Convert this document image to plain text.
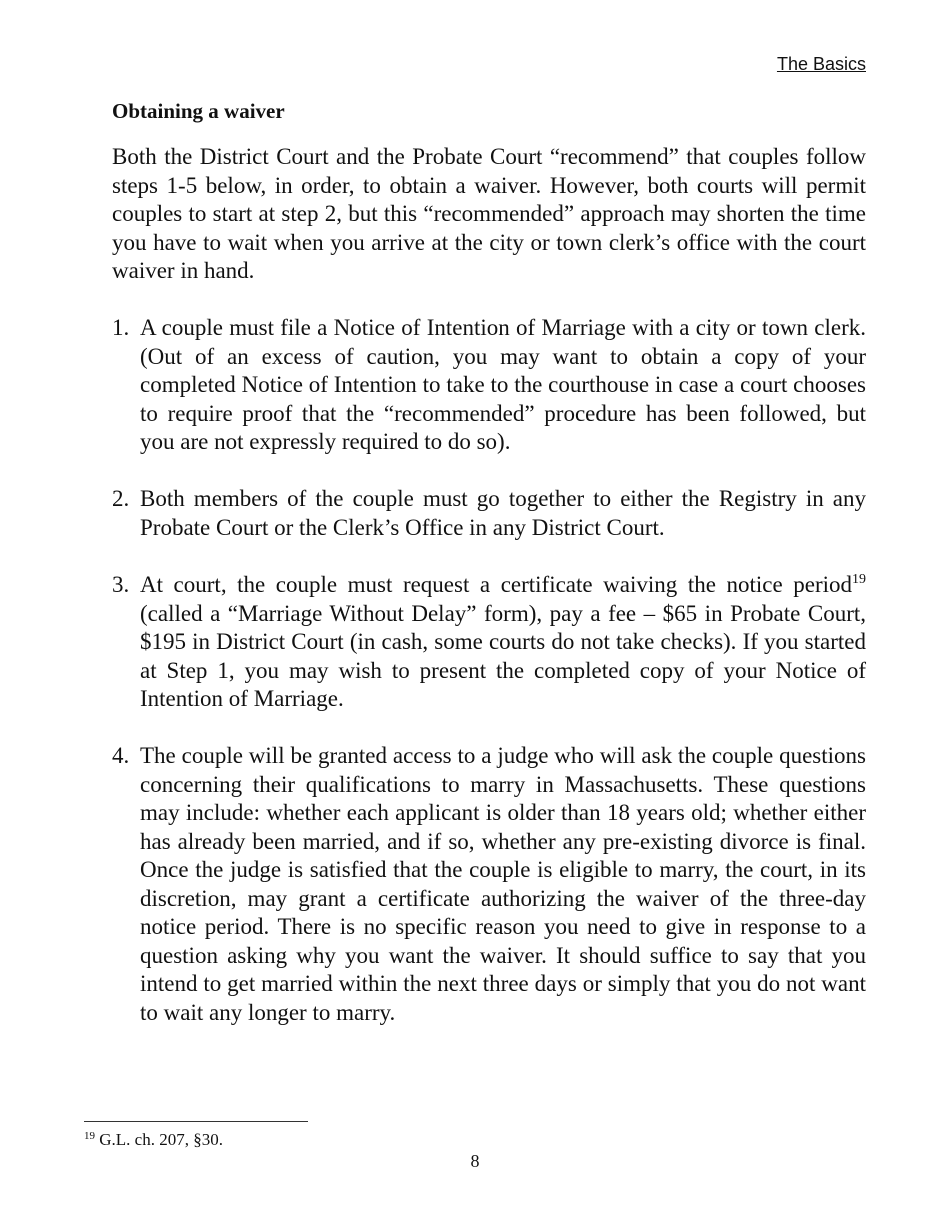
The Basics
Obtaining a waiver

Both the District Court and the Probate Court “recommend” that couples follow steps 1-5 below, in order, to obtain a waiver. However, both courts will permit couples to start at step 2, but this “recommended” approach may shorten the time you have to wait when you arrive at the city or town clerk’s office with the court waiver in hand.

1. A couple must file a Notice of Intention of Marriage with a city or town clerk. (Out of an excess of caution, you may want to obtain a copy of your completed Notice of Intention to take to the courthouse in case a court chooses to require proof that the “recommended” procedure has been followed, but you are not expressly required to do so).

2. Both members of the couple must go together to either the Registry in any Probate Court or the Clerk’s Office in any District Court.

3. At court, the couple must request a certificate waiving the notice period$^{19}$ (called a “Marriage Without Delay” form), pay a fee – $65 in Probate Court, $195 in District Court (in cash, some courts do not take checks). If you started at Step 1, you may wish to present the completed copy of your Notice of Intention of Marriage.

4. The couple will be granted access to a judge who will ask the couple questions concerning their qualifications to marry in Massachusetts. These questions may include: whether each applicant is older than 18 years old; whether either has already been married, and if so, whether any pre-existing divorce is final. Once the judge is satisfied that the couple is eligible to marry, the court, in its discretion, may grant a certificate authorizing the waiver of the three-day notice period. There is no specific reason you need to give in response to a question asking why you want the waiver. It should suffice to say that you intend to get married within the next three days or simply that you do not want to wait any longer to marry.

$^{19}$ G.L. ch. 207, §30.

8
